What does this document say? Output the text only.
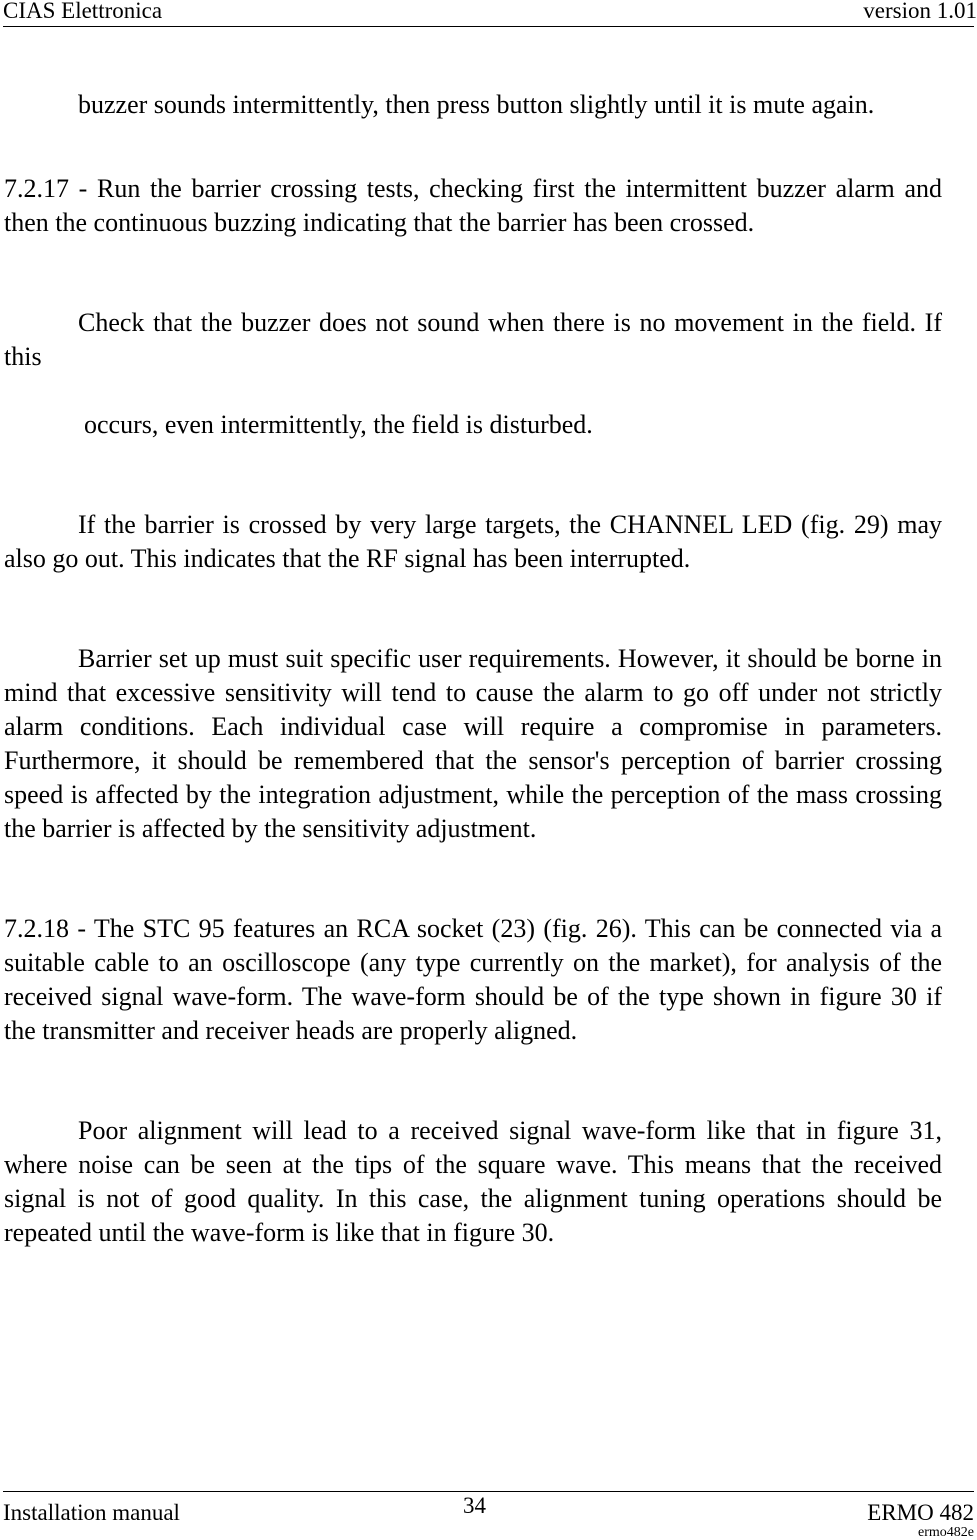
CIAS Elettronica	version 1.01

buzzer sounds intermittently, then press button slightly until it is mute again.

7.2.17 - Run the barrier crossing tests, checking first the intermittent buzzer alarm and then the continuous buzzing indicating that the barrier has been crossed.

Check that the buzzer does not sound when there is no movement in the field. If this

occurs, even intermittently, the field is disturbed.

If the barrier is crossed by very large targets, the CHANNEL LED (fig. 29) may also go out. This indicates that the RF signal has been interrupted.

Barrier set up must suit specific user requirements. However, it should be borne in mind that excessive sensitivity will tend to cause the alarm to go off under not strictly alarm conditions. Each individual case will require a compromise in parameters. Furthermore, it should be remembered that the sensor's perception of barrier crossing speed is affected by the integration adjustment, while the perception of the mass crossing the barrier is affected by the sensitivity adjustment.

7.2.18 - The STC 95 features an RCA socket (23) (fig. 26). This can be connected via a suitable cable to an oscilloscope (any type currently on the market), for analysis of the received signal wave-form. The wave-form should be of the type shown in figure 30 if the transmitter and receiver heads are properly aligned.

Poor alignment will lead to a received signal wave-form like that in figure 31, where noise can be seen at the tips of the square wave. This means that the received signal is not of good quality. In this case, the alignment tuning operations should be repeated until the wave-form is like that in figure 30.

Installation manual	34	ERMO 482
ermo482e
